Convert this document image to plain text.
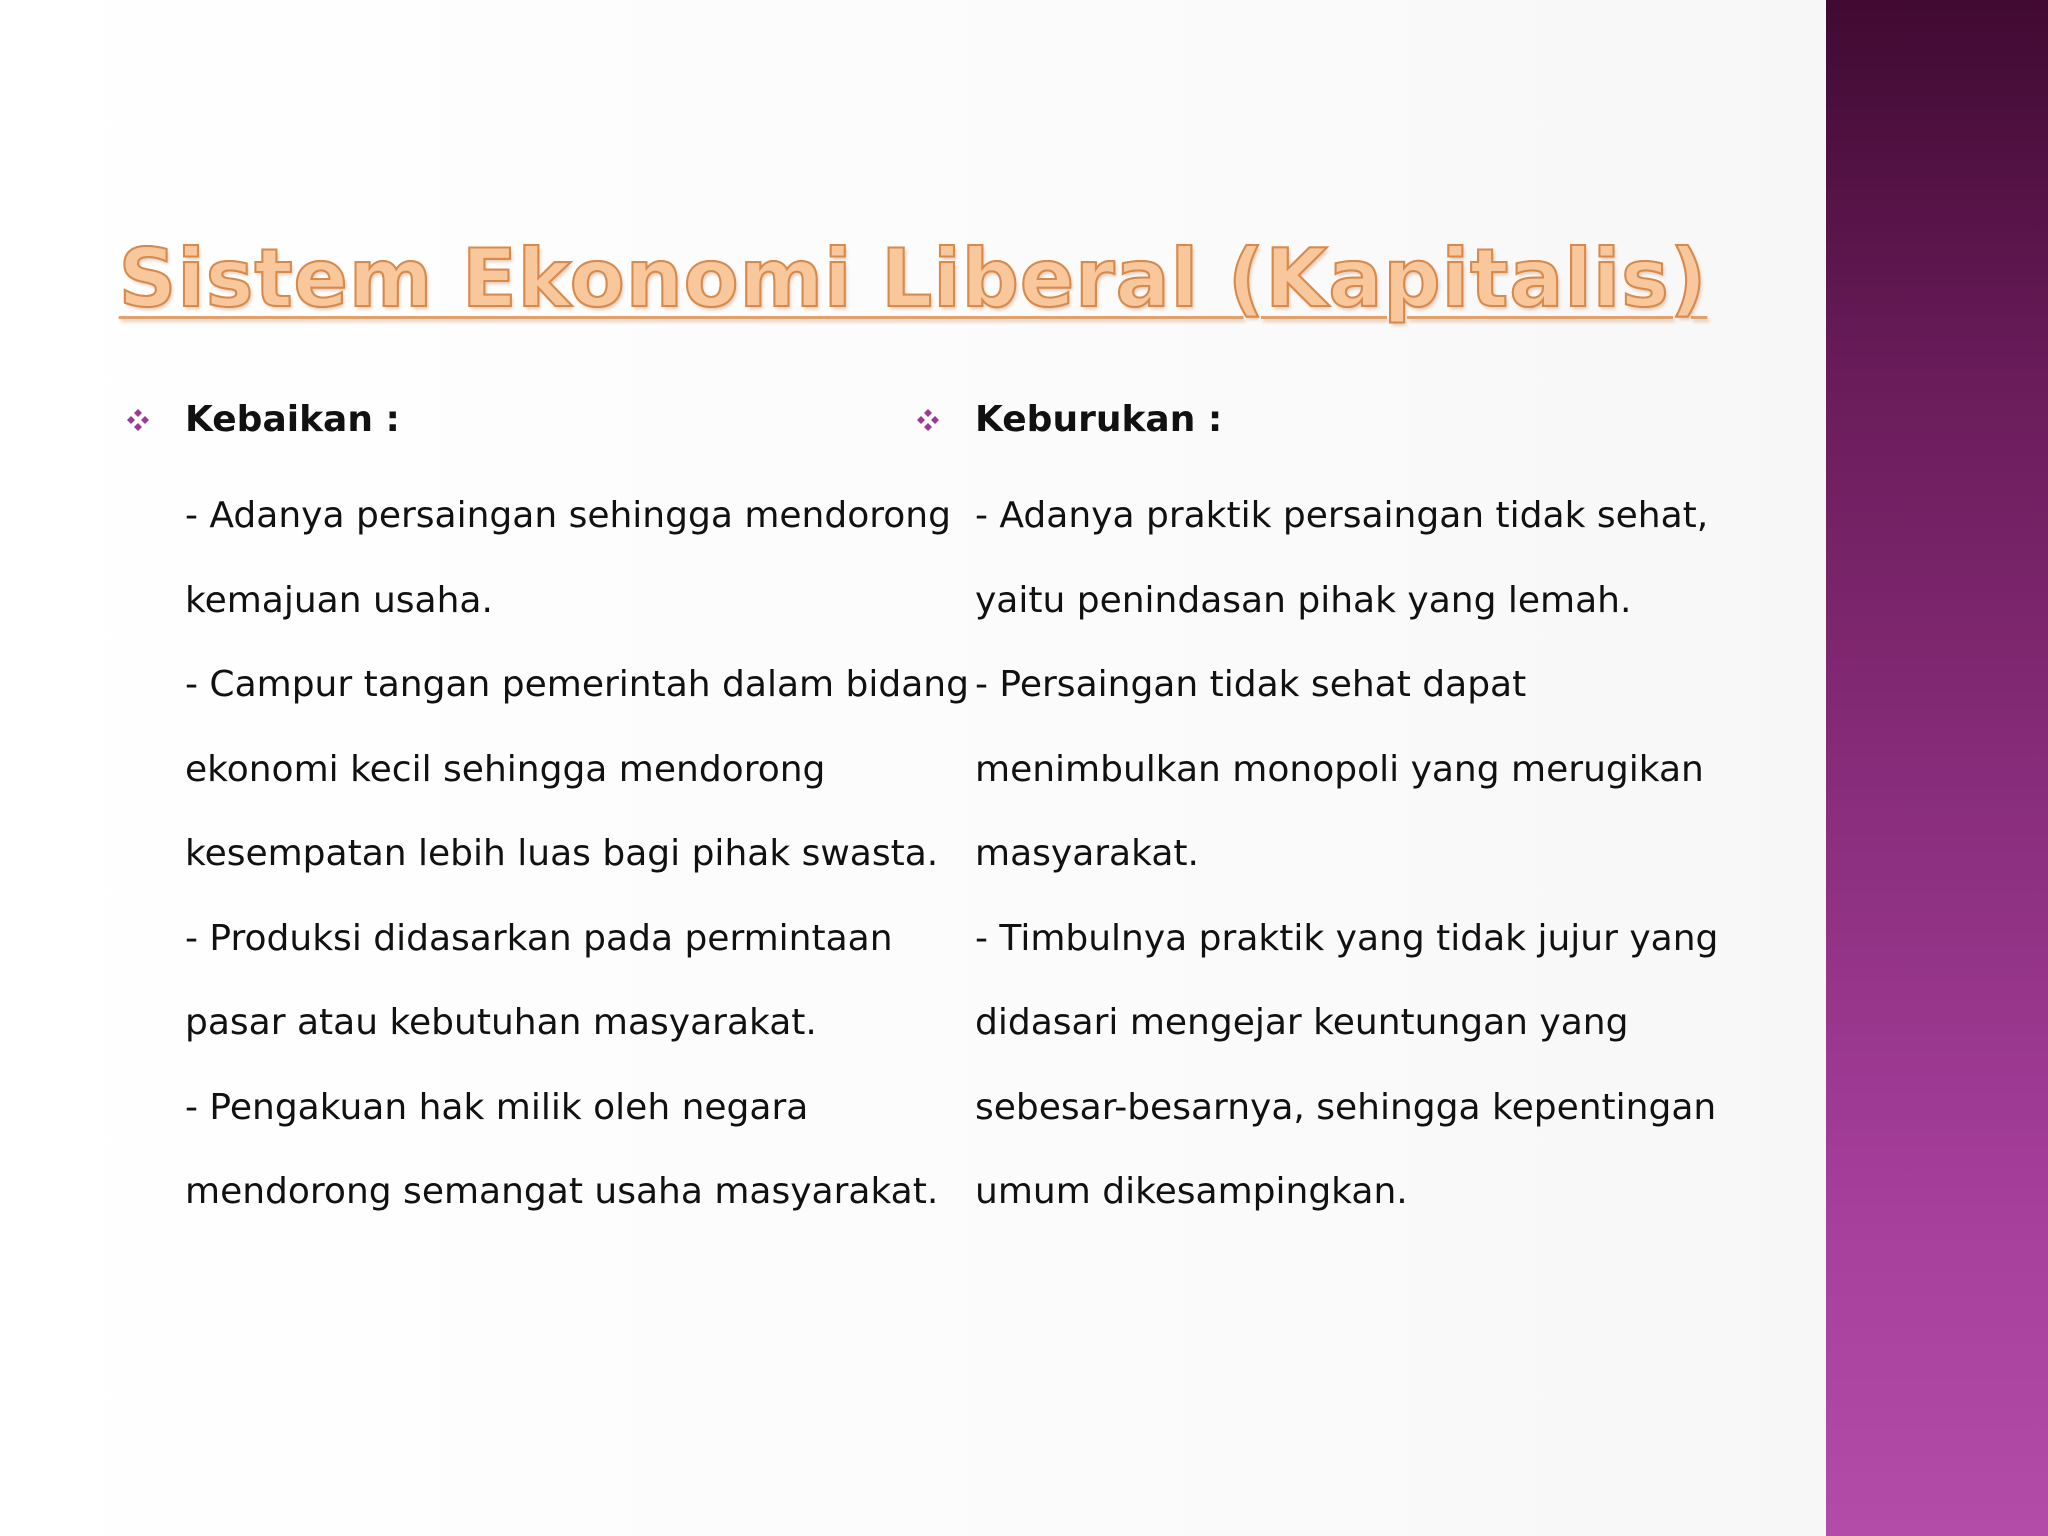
Sistem Ekonomi Liberal (Kapitalis)
Kebaikan :
- Adanya persaingan sehingga mendorong
kemajuan usaha.
- Campur tangan pemerintah dalam bidang
ekonomi kecil sehingga mendorong
kesempatan lebih luas bagi pihak swasta.
- Produksi didasarkan pada permintaan
pasar atau kebutuhan masyarakat.
- Pengakuan hak milik oleh negara
mendorong semangat usaha masyarakat.
Keburukan :
- Adanya praktik persaingan tidak sehat,
yaitu penindasan pihak yang lemah.
- Persaingan tidak sehat dapat
menimbulkan monopoli yang merugikan
masyarakat.
- Timbulnya praktik yang tidak jujur yang
didasari mengejar keuntungan yang
sebesar-besarnya, sehingga kepentingan
umum dikesampingkan.
